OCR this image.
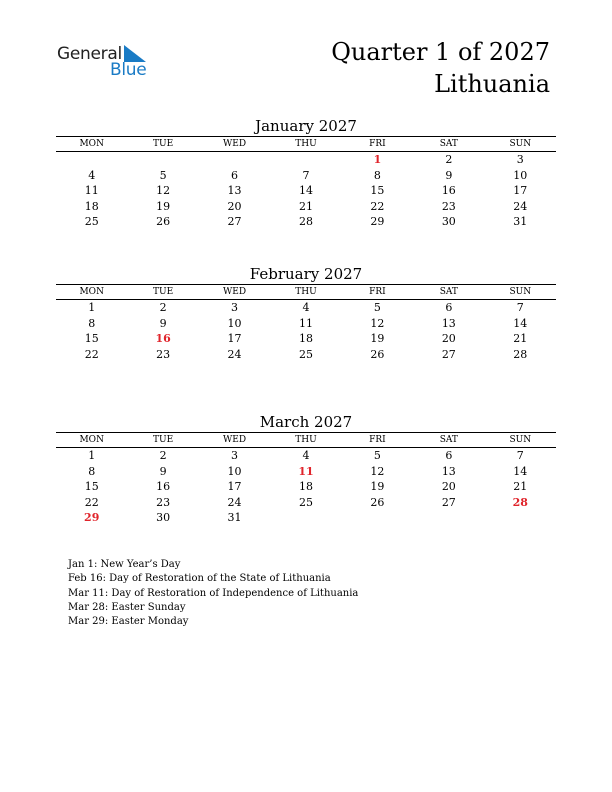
General
Blue
Quarter 1 of 2027
Lithuania
January 2027
MON	TUE	WED	THU	FRI	SAT	SUN
				1	2	3
4	5	6	7	8	9	10
11	12	13	14	15	16	17
18	19	20	21	22	23	24
25	26	27	28	29	30	31
February 2027
MON	TUE	WED	THU	FRI	SAT	SUN
1	2	3	4	5	6	7
8	9	10	11	12	13	14
15	16	17	18	19	20	21
22	23	24	25	26	27	28
March 2027
MON	TUE	WED	THU	FRI	SAT	SUN
1	2	3	4	5	6	7
8	9	10	11	12	13	14
15	16	17	18	19	20	21
22	23	24	25	26	27	28
29	30	31				
Jan 1: New Year’s Day
Feb 16: Day of Restoration of the State of Lithuania
Mar 11: Day of Restoration of Independence of Lithuania
Mar 28: Easter Sunday
Mar 29: Easter Monday
